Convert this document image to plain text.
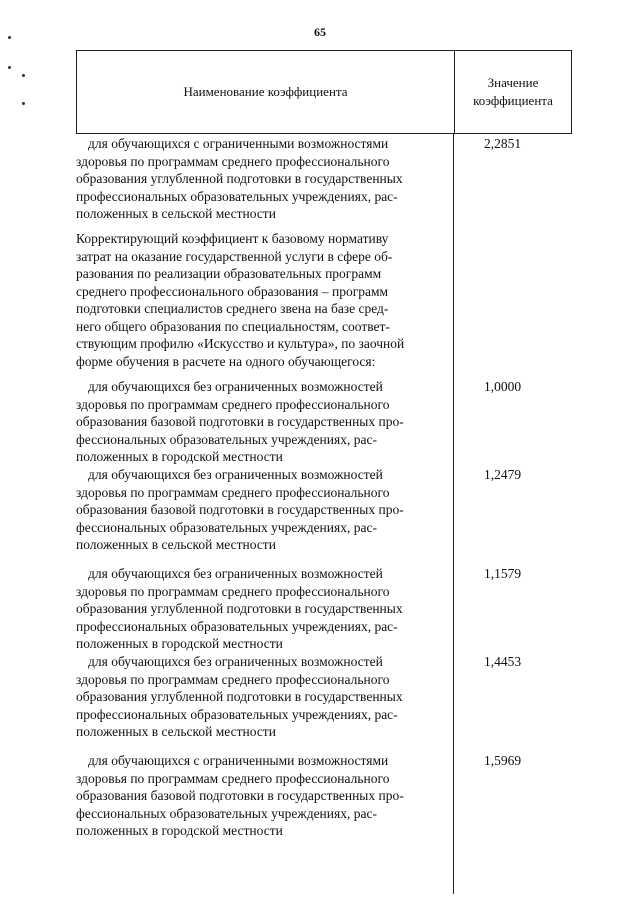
65
Наименование коэффициента
Значение
коэффициента
для обучающихся с ограниченными возможностями
здоровья по программам среднего профессионального
образования углубленной подготовки в государственных
профессиональных образовательных учреждениях, рас-
положенных в сельской местности
2,2851
Корректирующий коэффициент к базовому нормативу
затрат на оказание государственной услуги в сфере об-
разования по реализации образовательных программ
среднего профессионального образования – программ
подготовки специалистов среднего звена на базе сред-
него общего образования по специальностям, соответ-
ствующим профилю «Искусство и культура», по заочной
форме обучения в расчете на одного обучающегося:
для обучающихся без ограниченных возможностей
здоровья по программам среднего профессионального
образования базовой подготовки в государственных про-
фессиональных образовательных учреждениях, рас-
положенных в городской местности
1,0000
для обучающихся без ограниченных возможностей
здоровья по программам среднего профессионального
образования базовой подготовки в государственных про-
фессиональных образовательных учреждениях, рас-
положенных в сельской местности
1,2479
для обучающихся без ограниченных возможностей
здоровья по программам среднего профессионального
образования углубленной подготовки в государственных
профессиональных образовательных учреждениях, рас-
положенных в городской местности
1,1579
для обучающихся без ограниченных возможностей
здоровья по программам среднего профессионального
образования углубленной подготовки в государственных
профессиональных образовательных учреждениях, рас-
положенных в сельской местности
1,4453
для обучающихся с ограниченными возможностями
здоровья по программам среднего профессионального
образования базовой подготовки в государственных про-
фессиональных образовательных учреждениях, рас-
положенных в городской местности
1,5969
